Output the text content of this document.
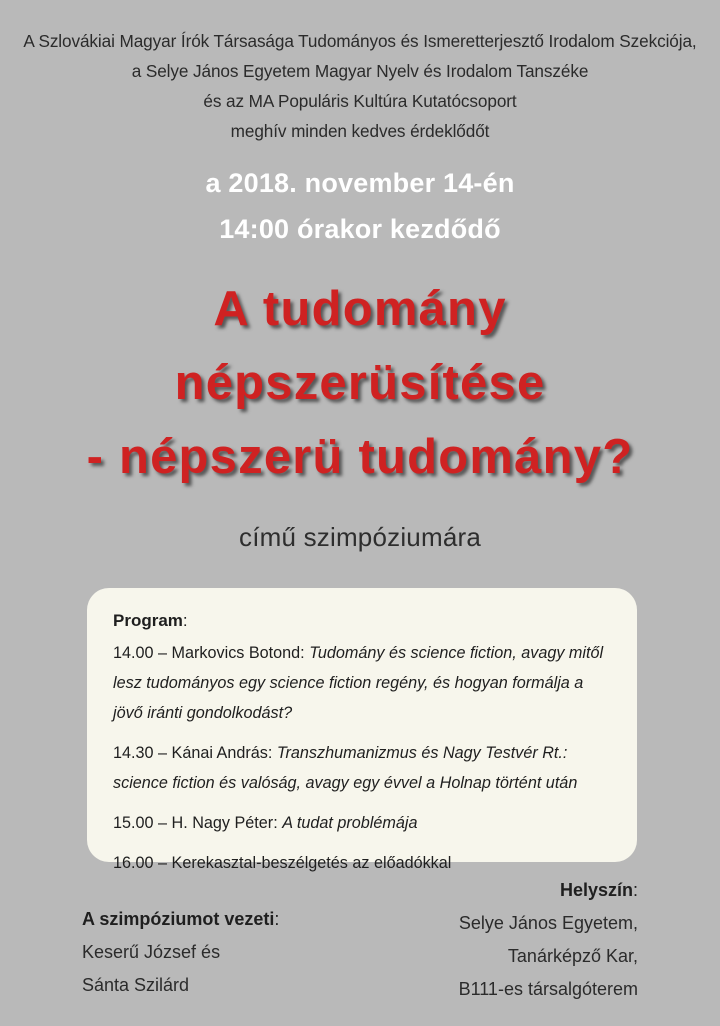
A Szlovákiai Magyar Írók Társasága Tudományos és Ismeretterjesztő Irodalom Szekciója,
a Selye János Egyetem Magyar Nyelv és Irodalom Tanszéke
és az MA Populáris Kultúra Kutatócsoport
meghív minden kedves érdeklődőt
a 2018. november 14-én
14:00 órakor kezdődő
A tudomány
népszerüsítése
- népszerü tudomány?
című szimpóziumára
Program:
14.00 – Markovics Botond: Tudomány és science fiction, avagy mitől lesz tudományos egy science fiction regény, és hogyan formálja a jövő iránti gondolkodást?
14.30 – Kánai András: Transzhumanizmus és Nagy Testvér Rt.: science fiction és valóság, avagy egy évvel a Holnap történt után
15.00 – H. Nagy Péter: A tudat problémája
16.00 – Kerekasztal-beszélgetés az előadókkal
A szimpóziumot vezeti:
Keserű József és
Sánta Szilárd
Helyszín:
Selye János Egyetem,
Tanárképző Kar,
B111-es társalgóterem
